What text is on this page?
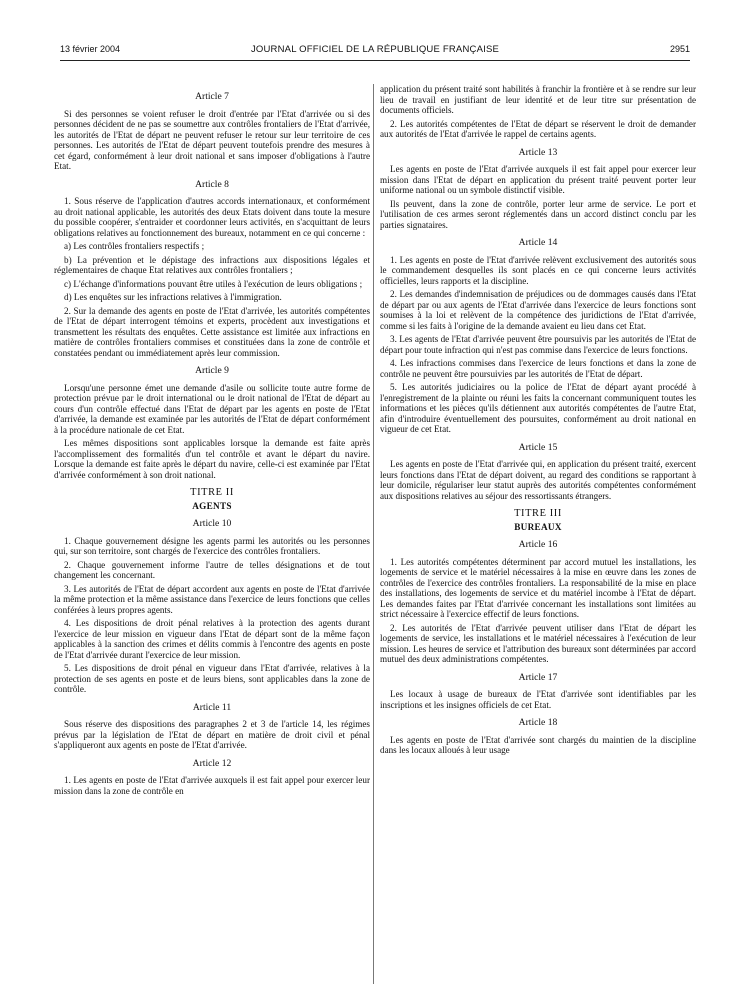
13 février 2004	JOURNAL OFFICIEL DE LA RÉPUBLIQUE FRANÇAISE	2951
Article 7

Si des personnes se voient refuser le droit d'entrée par l'Etat d'arrivée ou si des personnes décident de ne pas se soumettre aux contrôles frontaliers de l'Etat d'arrivée, les autorités de l'Etat de départ ne peuvent refuser le retour sur leur territoire de ces personnes. Les autorités de l'Etat de départ peuvent toutefois prendre des mesures à cet égard, conformément à leur droit national et sans imposer d'obligations à l'autre Etat.

Article 8

1. Sous réserve de l'application d'autres accords internationaux, et conformément au droit national applicable, les autorités des deux Etats doivent dans toute la mesure du possible coopérer, s'entraider et coordonner leurs activités, en s'acquittant de leurs obligations relatives au fonctionnement des bureaux, notamment en ce qui concerne :

a) Les contrôles frontaliers respectifs ;

b) La prévention et le dépistage des infractions aux dispositions légales et réglementaires de chaque Etat relatives aux contrôles frontaliers ;

c) L'échange d'informations pouvant être utiles à l'exécution de leurs obligations ;

d) Les enquêtes sur les infractions relatives à l'immigration.

2. Sur la demande des agents en poste de l'Etat d'arrivée, les autorités compétentes de l'Etat de départ interrogent témoins et experts, procèdent aux investigations et transmettent les résultats des enquêtes. Cette assistance est limitée aux infractions en matière de contrôles frontaliers commises et constituées dans la zone de contrôle et constatées pendant ou immédiatement après leur commission.

Article 9

Lorsqu'une personne émet une demande d'asile ou sollicite toute autre forme de protection prévue par le droit international ou le droit national de l'Etat de départ au cours d'un contrôle effectué dans l'Etat de départ par les agents en poste de l'Etat d'arrivée, la demande est examinée par les autorités de l'Etat de départ conformément à la procédure nationale de cet Etat.

Les mêmes dispositions sont applicables lorsque la demande est faite après l'accomplissement des formalités d'un tel contrôle et avant le départ du navire. Lorsque la demande est faite après le départ du navire, celle-ci est examinée par l'Etat d'arrivée conformément à son droit national.

TITRE II
AGENTS
Article 10

1. Chaque gouvernement désigne les agents parmi les autorités ou les personnes qui, sur son territoire, sont chargés de l'exercice des contrôles frontaliers.

2. Chaque gouvernement informe l'autre de telles désignations et de tout changement les concernant.

3. Les autorités de l'Etat de départ accordent aux agents en poste de l'Etat d'arrivée la même protection et la même assistance dans l'exercice de leurs fonctions que celles conférées à leurs propres agents.

4. Les dispositions de droit pénal relatives à la protection des agents durant l'exercice de leur mission en vigueur dans l'Etat de départ sont de la même façon applicables à la sanction des crimes et délits commis à l'encontre des agents en poste de l'Etat d'arrivée durant l'exercice de leur mission.

5. Les dispositions de droit pénal en vigueur dans l'Etat d'arrivée, relatives à la protection de ses agents en poste et de leurs biens, sont applicables dans la zone de contrôle.

Article 11

Sous réserve des dispositions des paragraphes 2 et 3 de l'article 14, les régimes prévus par la législation de l'Etat de départ en matière de droit civil et pénal s'appliqueront aux agents en poste de l'Etat d'arrivée.

Article 12

1. Les agents en poste de l'Etat d'arrivée auxquels il est fait appel pour exercer leur mission dans la zone de contrôle en

application du présent traité sont habilités à franchir la frontière et à se rendre sur leur lieu de travail en justifiant de leur identité et de leur titre sur présentation de documents officiels.

2. Les autorités compétentes de l'Etat de départ se réservent le droit de demander aux autorités de l'Etat d'arrivée le rappel de certains agents.

Article 13

Les agents en poste de l'Etat d'arrivée auxquels il est fait appel pour exercer leur mission dans l'Etat de départ en application du présent traité peuvent porter leur uniforme national ou un symbole distinctif visible.

Ils peuvent, dans la zone de contrôle, porter leur arme de service. Le port et l'utilisation de ces armes seront réglementés dans un accord distinct conclu par les parties signataires.

Article 14

1. Les agents en poste de l'Etat d'arrivée relèvent exclusivement des autorités sous le commandement desquelles ils sont placés en ce qui concerne leurs activités officielles, leurs rapports et la discipline.

2. Les demandes d'indemnisation de préjudices ou de dommages causés dans l'Etat de départ par ou aux agents de l'Etat d'arrivée dans l'exercice de leurs fonctions sont soumises à la loi et relèvent de la compétence des juridictions de l'Etat d'arrivée, comme si les faits à l'origine de la demande avaient eu lieu dans cet Etat.

3. Les agents de l'Etat d'arrivée peuvent être poursuivis par les autorités de l'Etat de départ pour toute infraction qui n'est pas commise dans l'exercice de leurs fonctions.

4. Les infractions commises dans l'exercice de leurs fonctions et dans la zone de contrôle ne peuvent être poursuivies par les autorités de l'Etat de départ.

5. Les autorités judiciaires ou la police de l'Etat de départ ayant procédé à l'enregistrement de la plainte ou réuni les faits la concernant communiquent toutes les informations et les pièces qu'ils détiennent aux autorités compétentes de l'autre Etat, afin d'introduire éventuellement des poursuites, conformément au droit national en vigueur de cet Etat.

Article 15

Les agents en poste de l'Etat d'arrivée qui, en application du présent traité, exercent leurs fonctions dans l'Etat de départ doivent, au regard des conditions se rapportant à leur domicile, régulariser leur statut auprès des autorités compétentes conformément aux dispositions relatives au séjour des ressortissants étrangers.

TITRE III
BUREAUX
Article 16

1. Les autorités compétentes déterminent par accord mutuel les installations, les logements de service et le matériel nécessaires à la mise en œuvre dans les zones de contrôles de l'exercice des contrôles frontaliers. La responsabilité de la mise en place des installations, des logements de service et du matériel incombe à l'Etat de départ. Les demandes faites par l'Etat d'arrivée concernant les installations sont limitées au strict nécessaire à l'exercice effectif de leurs fonctions.

2. Les autorités de l'Etat d'arrivée peuvent utiliser dans l'Etat de départ les logements de service, les installations et le matériel nécessaires à l'exécution de leur mission. Les heures de service et l'attribution des bureaux sont déterminées par accord mutuel des deux administrations compétentes.

Article 17

Les locaux à usage de bureaux de l'Etat d'arrivée sont identifiables par les inscriptions et les insignes officiels de cet Etat.

Article 18

Les agents en poste de l'Etat d'arrivée sont chargés du maintien de la discipline dans les locaux alloués à leur usage
